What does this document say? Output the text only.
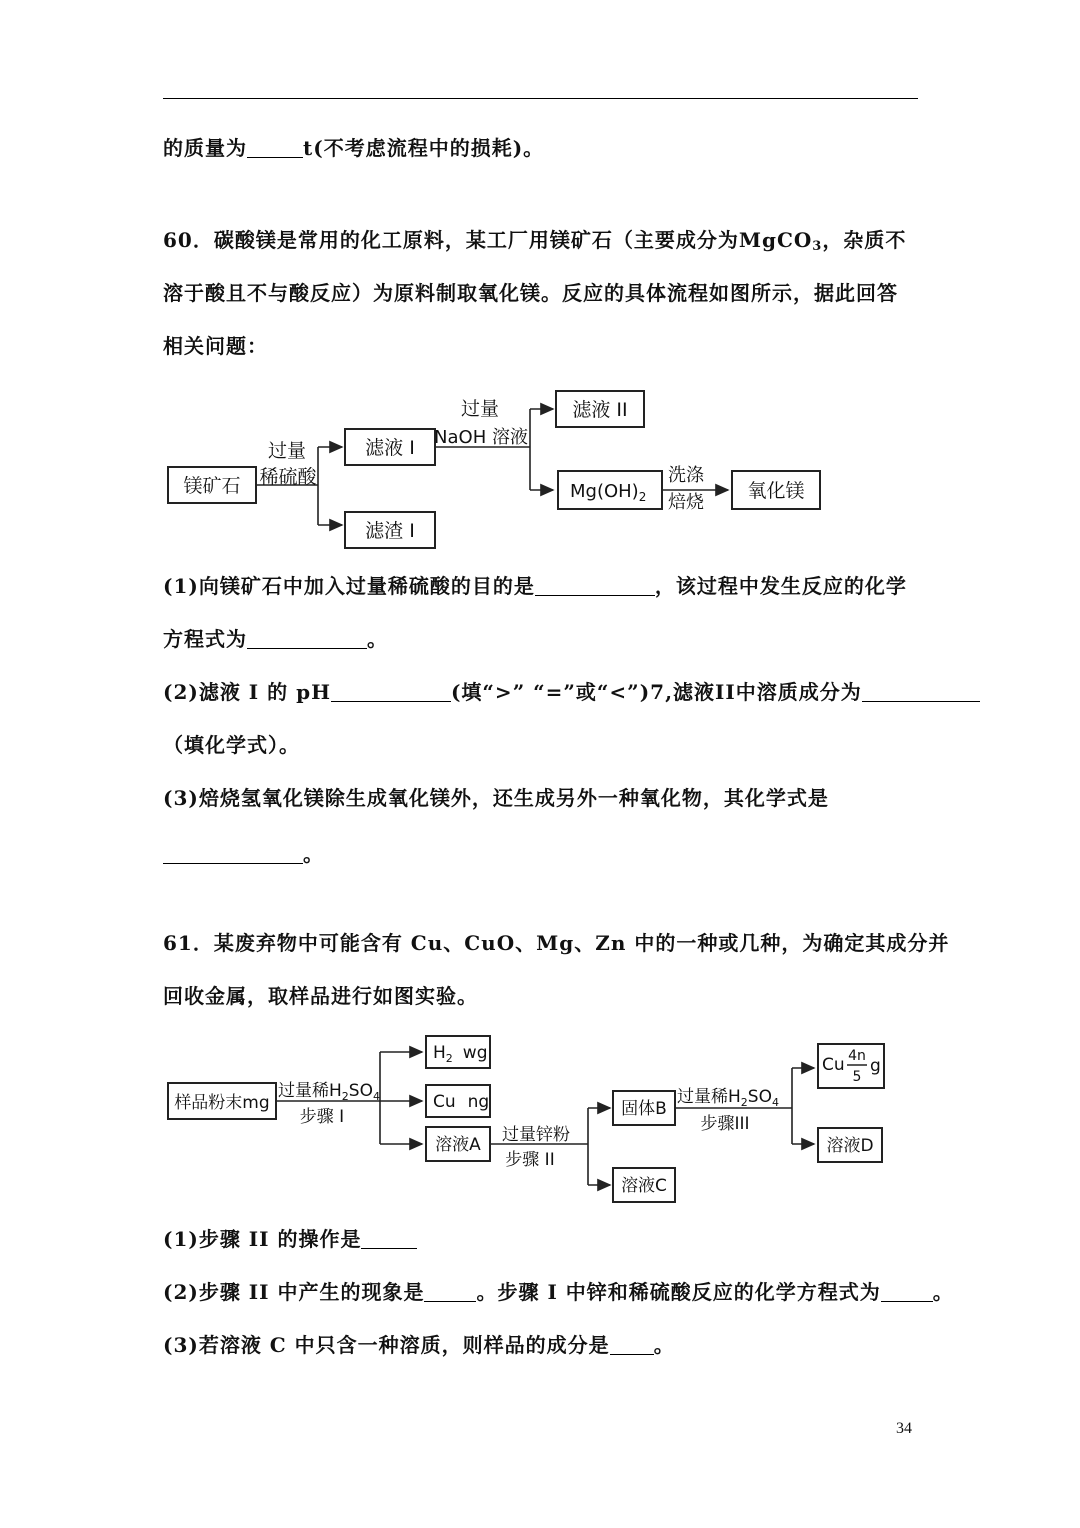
的质量为	t(不考虑流程中的损耗)。
60．碳酸镁是常用的化工原料，某工厂用镁矿石（主要成分为MgCO$_3$，杂质不
溶于酸且不与酸反应）为原料制取氧化镁。反应的具体流程如图所示，据此回答
相关问题：
镁矿石
过量
稀硫酸
滤液 I
滤渣 I
过量
NaOH 溶液
滤液 II
$Mg(OH)_2$
洗涤
焙烧
氧化镁
(1)向镁矿石中加入过量稀硫酸的目的是	，该过程中发生反应的化学
方程式为	。
(2)滤液 I 的 pH	(填“>” “=”或“<”)7,滤液II中溶质成分为
（填化学式）。
(3)焙烧氢氧化镁除生成氧化镁外，还生成另外一种氧化物，其化学式是
。
61．某废弃物中可能含有 Cu、CuO、Mg、Zn 中的一种或几种，为确定其成分并
回收金属，取样品进行如图实验。
样品粉末mg
过量稀$H_2SO_4$
步骤 I
$H_2$ wg
Cu ng
溶液A 过量锌粉
步骤 II
固体B
溶液C
过量稀$H_2SO_4$
步骤III
Cu 4n
5
g
溶液D
(1)步骤 II 的操作是
(2)步骤 II 中产生的现象是	。步骤 I 中锌和稀硫酸反应的化学方程式为	。
(3)若溶液 C 中只含一种溶质，则样品的成分是 。
34
